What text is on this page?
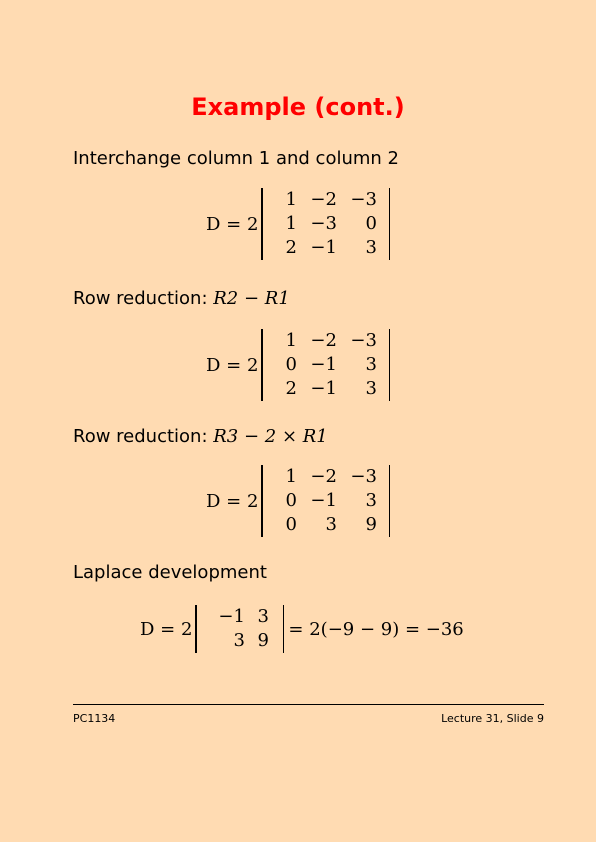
Example (cont.)
Interchange column 1 and column 2
D = 2
1	−2	−3
1	−3	0
2	−1	3
Row reduction: R2 − R1
D = 2
1	−2	−3
0	−1	3
2	−1	3
Row reduction: R3 − 2 × R1
D = 2
1	−2	−3
0	−1	3
0	3	9
Laplace development
D = 2
−1	3
3	9
= 2(−9 − 9) = −36
PC1134	Lecture 31, Slide 9
